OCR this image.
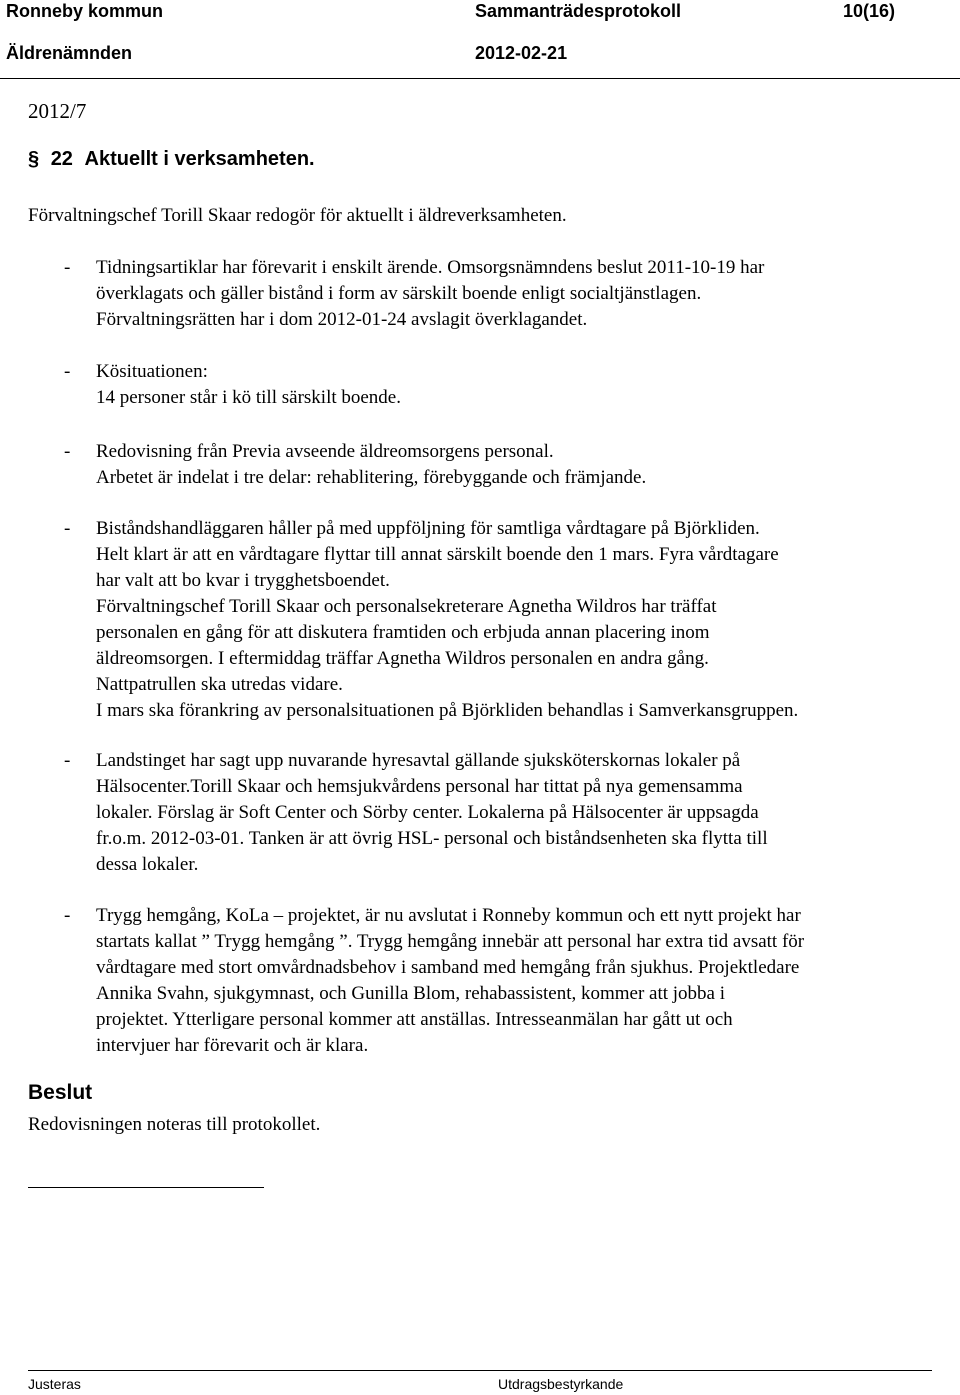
Ronneby kommun	Sammanträdesprotokoll	10(16)
Äldrenämnden	2012-02-21
2012/7
§ 22 Aktuellt i verksamheten.
Förvaltningschef Torill Skaar redogör för aktuellt i äldreverksamheten.
- Tidningsartiklar har förevarit i enskilt ärende. Omsorgsnämndens beslut 2011-10-19 har
överklagats och gäller bistånd i form av särskilt boende enligt socialtjänstlagen.
Förvaltningsrätten har i dom 2012-01-24 avslagit överklagandet.
- Kösituationen:
14 personer står i kö till särskilt boende.
- Redovisning från Previa avseende äldreomsorgens personal.
Arbetet är indelat i tre delar: rehablitering, förebyggande och främjande.
- Biståndshandläggaren håller på med uppföljning för samtliga vårdtagare på Björkliden.
Helt klart är att en vårdtagare flyttar till annat särskilt boende den 1 mars. Fyra vårdtagare
har valt att bo kvar i trygghetsboendet.
Förvaltningschef Torill Skaar och personalsekreterare Agnetha Wildros har träffat
personalen en gång för att diskutera framtiden och erbjuda annan placering inom
äldreomsorgen. I eftermiddag träffar Agnetha Wildros personalen en andra gång.
Nattpatrullen ska utredas vidare.
I mars ska förankring av personalsituationen på Björkliden behandlas i Samverkansgruppen.
- Landstinget har sagt upp nuvarande hyresavtal gällande sjuksköterskornas lokaler på
Hälsocenter.Torill Skaar och hemsjukvårdens personal har tittat på nya gemensamma
lokaler. Förslag är Soft Center och Sörby center. Lokalerna på Hälsocenter är uppsagda
fr.o.m. 2012-03-01. Tanken är att övrig HSL- personal och biståndsenheten ska flytta till
dessa lokaler.
- Trygg hemgång, KoLa – projektet, är nu avslutat i Ronneby kommun och ett nytt projekt har
startats kallat ” Trygg hemgång ”. Trygg hemgång innebär att personal har extra tid avsatt för
vårdtagare med stort omvårdnadsbehov i samband med hemgång från sjukhus. Projektledare
Annika Svahn, sjukgymnast, och Gunilla Blom, rehabassistent, kommer att jobba i
projektet. Ytterligare personal kommer att anställas. Intresseanmälan har gått ut och
intervjuer har förevarit och är klara.
Beslut
Redovisningen noteras till protokollet.
Justeras	Utdragsbestyrkande
